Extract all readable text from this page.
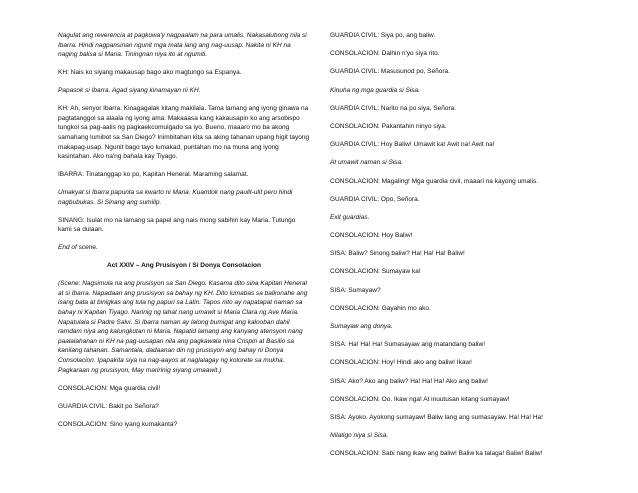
Nagulat ang reverencia at pagkuwa'y nagpaalam na para umalis. Nakasalubong nila si Ibarra. Hindi nagpansinan ngunit mga mata lang ang nag-uusap. Nakita ni KH na naging balisa si Maria. Tiningnan niya ito at ngumiti.

KH: Nais ko siyang makausap bago ako magtungo sa Espanya.

Papasok si Ibarra. Agad siyang kinamayan ni KH.

KH: Ah, senyor Ibarra. Kinagagalak kitang makilala. Tama lamang ang iyong ginawa na pagtatanggol sa alaala ng iyong ama. Makaaasa kang kakausapin ko ang arsobispo tungkol sa pag-aalis ng pagkaekcomulgado sa iyo. Bueno, maaaro mo ba akong samahang lumibot sa San Diego? Inimbitahan kita sa aking tahanan upang higit tayong makapag-usap. Ngunit bago tayo lumakad, puntahan mo na muna ang iyong kasintahan. Ako na'ng bahala kay Tiyago.

IBARRA: Tinatanggap ko po, Kapitan Heneral. Maraming salamat.

Umakyat si Ibarra papunta sa kwarto ni Maria. Kuamtok nang paulit-ulit pero hindi nagbubukas. Si Sinang ang sumilip.

SINANG: Isulat mo na lamang sa papel ang nais mong sabihin kay Maria. Tutungo kami sa dulaan.

End of scene.

Act XXIV – Ang Prusisyon / Si Donya Consolacion

(Scene: Nagsimula na ang prusisyon sa San Diego. Kasama dito sina Kapitan Heneral at si Ibarra. Napadaan ang prusisyon sa bahay ng KH. Dito lumabas sa balkonahe ang isang bata at binigkas ang tula ng papuri sa Latin. Tapos nito ay napatapat naman sa bahay ni Kapitan Tiyago. Narinig ng lahat nang umawit si Maria Clara ng Ave Maria. Napatulala si Padre Salvi. Si Ibarra naman ay lalong bumigat ang kalooban dahil ramdam niya ang kalungkutan ni Maria. Napatid lamang ang kanyang atensyon nang paalalahanan ni KH na pag-uusapan nila ang pagkawala nina Crispin at Basilio sa kanilang tahanan. Samantala, dadaanan din ng prusisyon ang bahay ni Donya Consolacion. Ipapakita siya na nag-aayos at naglalagay ng kolorete sa mukha. Pagkaraan ng prusisyon, May maririnig siyang umaawit.)

CONSOLACION: Mga guardia civil!

GUARDIA CIVIL: Bakit po Señora?

CONSOLACION: Sino iyang kumakanta?

GUARDIA CIVIL: Siya po, ang baliw.

CONSOLACION: Dalhin n'yo siya rito.

GUARDIA CIVIL: Masusunod po, Señora.

Kinuha ng mga guardia si Sisa.

GUARDIA CIVIL: Narito na po siya, Señora.

CONSOLACION: Pakantahin ninyo siya.

GUARDIA CIVIL: Hoy Baliw! Umawit ka! Awit na! Awit na!

At umawit naman si Sisa.

CONSOLACION: Magaling! Mga guardia civil, maaari na kayong umalis.

GUARDIA CIVIL: Opo, Señora.

Exit guardias.

CONSOLACION: Hoy Baliw!

SISA: Baliw? Sinong baliw? Ha! Ha! Ha! Baliw!

CONSOLACION: Sumayaw ka!

SISA: Sumayaw?

CONSOLACION: Gayahin mo ako.

Sumayaw ang donya.

SISA: Ha! Ha! Ha! Sumasayaw ang matandang baliw!

CONSOLACION: Hoy! Hindi ako ang baliw! Ikaw!

SISA: Ako? Ako ang baliw? Ha! Ha! Ha! Ako ang baliw!

CONSOLACION: Oo. Ikaw nga! At inuutusan kitang sumayaw!

SISA: Ayoko. Ayokong sumayaw! Baliw lang ang sumasayaw. Ha! Ha! Ha!

Nilatigo niya si Sisa.

CONSOLACION: Sabi nang ikaw ang baliw! Baliw ka talaga! Baliw! Baliw!
